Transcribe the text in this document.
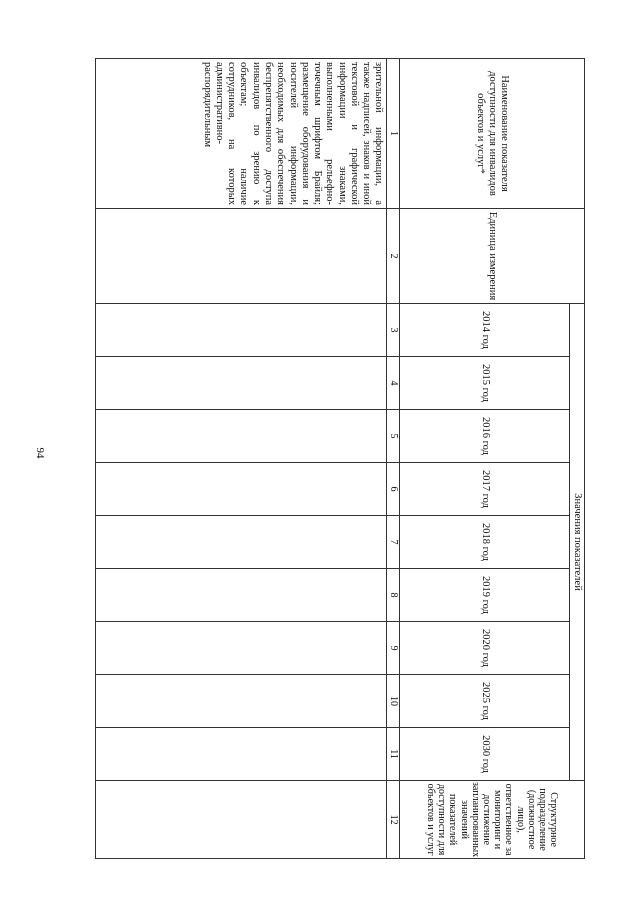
94
Наименование показателя доступности для инвалидов объектов и услуг*	Единица измерения	Значения показателей									Структурное подразделение (должностное лицо), ответственное за мониторинг и достижение запланированных значений показателей доступности для объектов и услуг
		2014 год	2015 год	2016 год	2017 год	2018 год	2019 год	2020 год	2025 год	2030 год	
1	2	3	4	5	6	7	8	9	10	11	12
зрительной информации, а также надписей, знаков и иной текстовой и графической информации знаками, выполненными рельефно-точечным шрифтом Брайля; размещение оборудования и носителей информации, необходимых для обеспечения беспрепятственного доступа инвалидов по зрению к объектам; наличие сотрудников, на которых административно-распорядительным											
